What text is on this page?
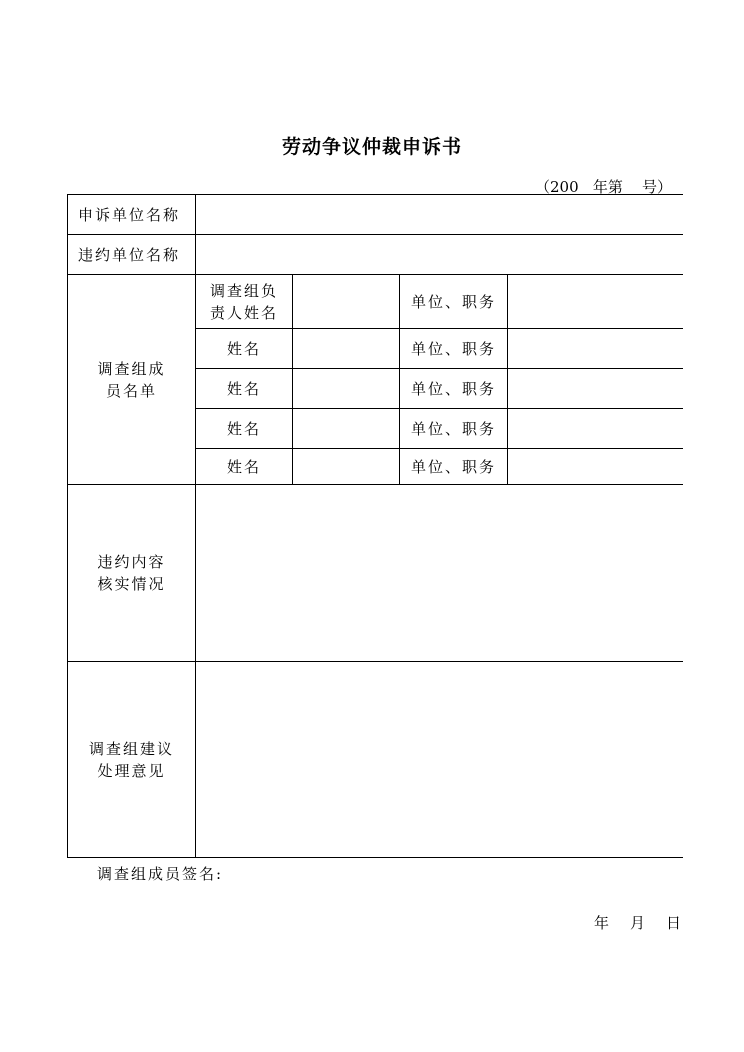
劳动争议仲裁申诉书
（200   年第    号）
申诉单位名称				
违约单位名称				
调查组成员名单	调查组负责人姓名		单位、职务	
	姓名		单位、职务	
	姓名		单位、职务	
	姓名		单位、职务	
	姓名		单位、职务	
违约内容核实情况				
调查组建议处理意见				
调查组成员签名:
年 月 日
